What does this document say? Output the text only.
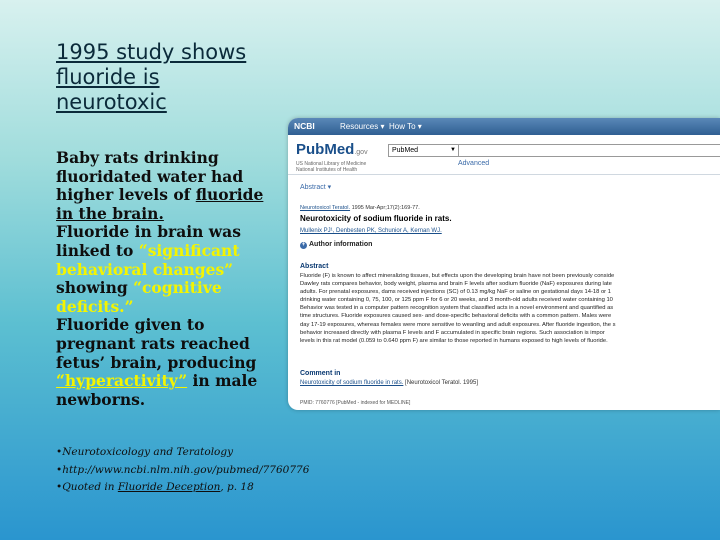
1995 study shows fluoride is neurotoxic

Baby rats drinking fluoridated water had higher levels of fluoride in the brain.

Fluoride in brain was linked to “significant behavioral changes” showing “cognitive deficits.”

Fluoride given to pregnant rats reached fetus’ brain, producing “hyperactivity” in male newborns.

•Neurotoxicology and Teratology

•http://www.ncbi.nlm.nih.gov/pubmed/7760776

•Quoted in Fluoride Deception, p. 18

NCBI	Resources ▾ How To ▾
PubMed.gov
US National Library of Medicine
National Institutes of Health
PubMed	▼
Advanced
Abstract ▾
Neurotoxicol Teratol. 1995 Mar-Apr;17(2):169-77.
Neurotoxicity of sodium fluoride in rats.
Mullenix PJ¹, Denbesten PK, Schunior A, Kernan WJ.
+ Author information
Abstract
Fluoride (F) is known to affect mineralizing tissues, but effects upon the developing brain have not been previously conside
Dawley rats compares behavior, body weight, plasma and brain F levels after sodium fluoride (NaF) exposures during late
adults. For prenatal exposures, dams received injections (SC) of 0.13 mg/kg NaF or saline on gestational days 14-18 or 1
drinking water containing 0, 75, 100, or 125 ppm F for 6 or 20 weeks, and 3 month-old adults received water containing 10
Behavior was tested in a computer pattern recognition system that classified acts in a novel environment and quantified as
time structures. Fluoride exposures caused sex- and dose-specific behavioral deficits with a common pattern. Males were
day 17-19 exposures, whereas females were more sensitive to weanling and adult exposures. After fluoride ingestion, the s
behavior increased directly with plasma F levels and F accumulated in specific brain regions. Such association is impor
levels in this rat model (0.059 to 0.640 ppm F) are similar to those reported in humans exposed to high levels of fluoride.
Comment in
Neurotoxicity of sodium fluoride in rats. [Neurotoxicol Teratol. 1995]
PMID: 7760776 [PubMed - indexed for MEDLINE]
